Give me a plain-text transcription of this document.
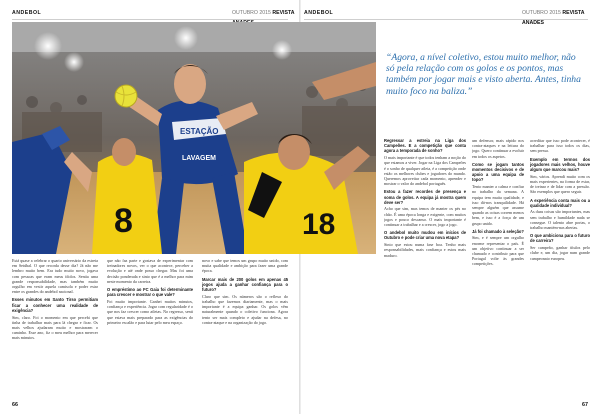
ANDEBOL	OUTUBRO 2015 REVISTA

Está quase a celebrar o quarto aniversário da estreia em Setúbal. O que recorda desse dia? Já não me lembro muito bem. Era tudo muito novo, jogava com pessoas que eram meus ídolos. Sentia uma grande responsabilidade, mas também muito orgulho em vestir aquela camisola e poder estar entre os grandes do andebol nacional.

Esses minutos em Santo Tirso permitiam ficar a conhecer uma realidade de exigência?

Sim, claro. Foi o momento em que percebi que tinha de trabalhar mais para lá chegar e ficar. Os mais velhos ajudaram muito e mostraram o caminho. Esse ano, fiz o meu melhor para merecer mais minutos.

que não faz parte e gostava de experimentar com treinadores novos, ver o que acontece, perceber a evolução e até onde posso chegar. Mas foi uma decisão ponderada e sinto que é a melhor para mim neste momento da carreira.

O empréstimo ao FC Gaia foi determinante para crescer e mostrar o que vale?

Foi muito importante. Ganhei muitos minutos, confiança e experiência. Jogar com regularidade é o que nos faz crescer como atletas. No regresso, senti que estava mais preparado para as exigências do primeiro escalão e para lutar pelo meu espaço.

novo e sabe que temos um grupo muito unido, com muita qualidade e ambição para fazer uma grande época.

Marcar mais de 200 golos em apenas 45 jogos ajuda a ganhar confiança para o futuro?

Claro que sim. Os números são o reflexo do trabalho que fazemos diariamente, mas o mais importante é a equipa ganhar. Os golos vêm naturalmente quando o coletivo funciona. Agora tento ser mais completo e ajudar na defesa, no contra-ataque e na organização do jogo.

66
ANDEBOL	OUTUBRO 2015 REVISTA ANADÉS
“Agora, a nível coletivo, estou muito melhor, não só pela relação com os golos e os pontos, mas também por jogar mais e visto aberta. Antes, tinha muito foco na baliza.”

Regressar a estreia na Liga dos Campeões. E a competição que conta agora a temporada de sonho?

O mais importante é que todos tenham a noção do que estamos a viver. Jogar na Liga dos Campeões é o sonho de qualquer atleta, é a competição onde estão os melhores clubes e jogadores do mundo. Queremos aproveitar cada momento, aprender e mostrar o valor do andebol português.

Estou a fazer recordes de presença e soma de golos. A equipa já mostra quem deve ser?

Acho que sim, mas temos de manter os pés no chão. É uma época longa e exigente, com muitos jogos e pouco descanso. O mais importante é continuar a trabalhar e a crescer, jogo a jogo.

O andebol muito mudou em inícios de Outubro e pode criar uma nova etapa?

Sinto que estou numa fase boa. Tenho mais responsabilidades, mais confiança e estou mais maduro.

um defensor, mais rápido nos contra-ataques e na leitura do jogo. Quero continuar a evoluir em todos os aspetos.

Como se jogam tantos momentos decisivos e de apoio a uma equipa de topo?

Tento manter a calma e confiar no trabalho da semana. A equipa tem muita qualidade, e isso dá-nos tranquilidade. Há sempre alguém que assume quando as coisas correm menos bem, e isso é a força de um grupo unido.

Já foi chamado à seleção?

Sim, e é sempre um orgulho enorme representar o país. É um objetivo continuar a ser chamado e contribuir para que Portugal volte às grandes competições.

acreditar que isso pode acontecer, é trabalhar para isso todos os dias, sem pressa.

Exemplo em termos dos jogadores mais velhos, houve algum que marcou mais?

Sim, vários. Aprendi muito com os mais experientes, na forma de estar, de treinar e de lidar com a pressão. São exemplos que quero seguir.

A experiência conta mais ou a qualidade individual?

As duas coisas são importantes, mas sem trabalho e humildade nada se consegue. O talento abre portas, o trabalho mantém-nas abertas.

O que ambiciona para o futuro de carreira?

Ser campeão, ganhar títulos pelo clube e, um dia, jogar num grande campeonato europeu.

67
ESTAÇÃO
LAVAGEM
8	18
